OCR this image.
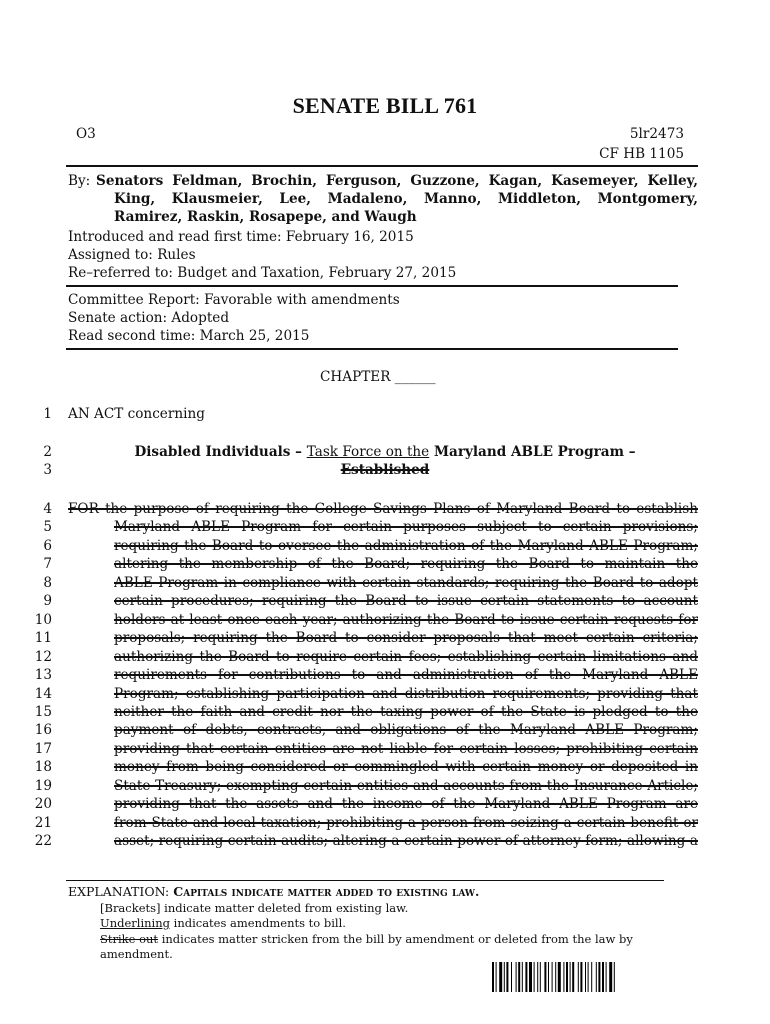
SENATE BILL 761
O3	5lr2473
CF HB 1105
By: Senators Feldman, Brochin, Ferguson, Guzzone, Kagan, Kasemeyer, Kelley,
King, Klausmeier, Lee, Madaleno, Manno, Middleton, Montgomery,
Ramirez, Raskin, Rosapepe, and Waugh
Introduced and read first time: February 16, 2015
Assigned to: Rules
Re–referred to: Budget and Taxation, February 27, 2015
Committee Report: Favorable with amendments
Senate action: Adopted
Read second time: March 25, 2015
CHAPTER ______
1 AN ACT concerning
2	Disabled Individuals – Task Force on the Maryland ABLE Program –
3	Established
4 FOR the purpose of requiring the College Savings Plans of Maryland Board to establish
5	Maryland ABLE Program for certain purposes subject to certain provisions;
6	requiring the Board to oversee the administration of the Maryland ABLE Program;
7	altering the membership of the Board; requiring the Board to maintain the
8	ABLE Program in compliance with certain standards; requiring the Board to adopt
9	certain procedures; requiring the Board to issue certain statements to account
10	holders at least once each year; authorizing the Board to issue certain requests for
11	proposals; requiring the Board to consider proposals that meet certain criteria;
12	authorizing the Board to require certain fees; establishing certain limitations and
13	requirements for contributions to and administration of the Maryland ABLE
14	Program; establishing participation and distribution requirements; providing that
15	neither the faith and credit nor the taxing power of the State is pledged to the
16	payment of debts, contracts, and obligations of the Maryland ABLE Program;
17	providing that certain entities are not liable for certain losses; prohibiting certain
18	money from being considered or commingled with certain money or deposited in
19	State Treasury; exempting certain entities and accounts from the Insurance Article;
20	providing that the assets and the income of the Maryland ABLE Program are
21	from State and local taxation; prohibiting a person from seizing a certain benefit or
22	asset; requiring certain audits; altering a certain power of attorney form; allowing a
EXPLANATION: Capitals indicate matter added to existing law.
[Brackets] indicate matter deleted from existing law.
Underlining indicates amendments to bill.
Strike out indicates matter stricken from the bill by amendment or deleted from the law by
amendment.
